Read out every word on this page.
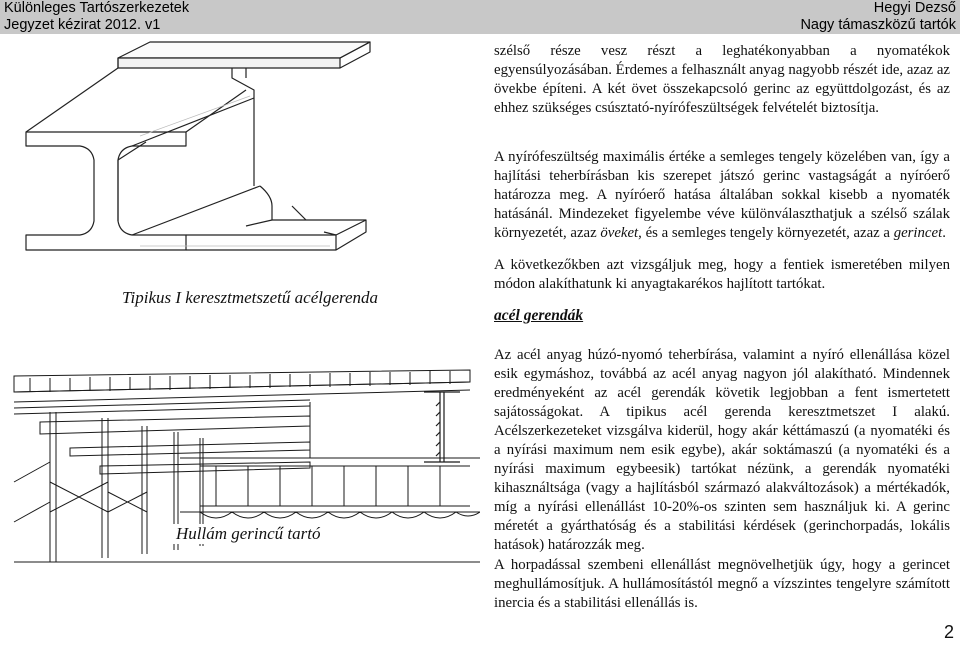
Különleges Tartószerkezetek
Jegyzet kézirat 2012. v1
Hegyi Dezső
Nagy támaszközű tartók
Tipikus I keresztmetszetű acélgerenda
Hullám gerincű tartó

szélső része vesz részt a leghatékonyabban a nyomatékok egyensúlyozásában. Érdemes a felhasznált anyag nagyobb részét ide, azaz az övekbe építeni. A két övet összekapcsoló gerinc az együttdolgozást, és az ehhez szükséges csúsztató-nyírófeszültségek felvételét biztosítja.

A nyírófeszültség maximális értéke a semleges tengely közelében van, így a hajlítási teherbírásban kis szerepet játszó gerinc vastagságát a nyíróerő határozza meg. A nyíróerő hatása általában sokkal kisebb a nyomaték hatásánál. Mindezeket figyelembe véve különválaszthatjuk a szélső szálak környezetét, azaz öveket, és a semleges tengely környezetét, azaz a gerincet.

A következőkben azt vizsgáljuk meg, hogy a fentiek ismeretében milyen módon alakíthatunk ki anyagtakarékos hajlított tartókat.

acél gerendák

Az acél anyag húzó-nyomó teherbírása, valamint a nyíró ellenállása közel esik egymáshoz, továbbá az acél anyag nagyon jól alakítható. Mindennek eredményeként az acél gerendák követik legjobban a fent ismertetett sajátosságokat. A tipikus acél gerenda keresztmetszet I alakú. Acélszerkezeteket vizsgálva kiderül, hogy akár kéttámaszú (a nyomatéki és a nyírási maximum nem esik egybe), akár soktámaszú (a nyomatéki és a nyírási maximum egybeesik) tartókat nézünk, a gerendák nyomatéki kihasználtsága (vagy a hajlításból származó alakváltozások) a mértékadók, míg a nyírási ellenállást 10-20%-os szinten sem használjuk ki. A gerinc méretét a gyárthatóság és a stabilitási kérdések (gerinchorpadás, lokális hatások) határozzák meg.

A horpadással szembeni ellenállást megnövelhetjük úgy, hogy a gerincet meghullámosítjuk. A hullámosítástól megnő a vízszintes tengelyre számított inercia és a stabilitási ellenállás is.

2
